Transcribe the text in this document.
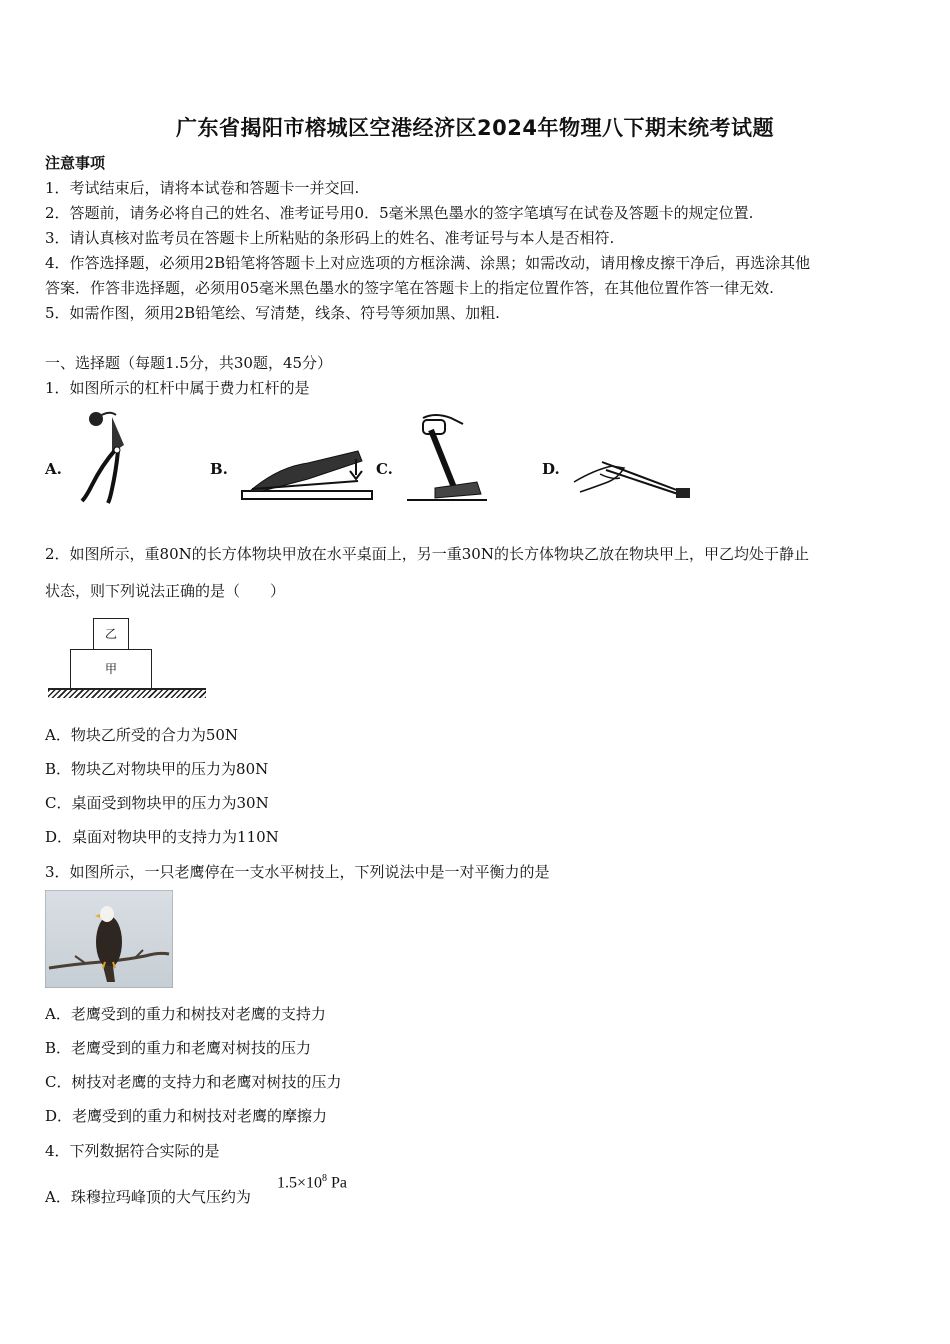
广东省揭阳市榕城区空港经济区2024年物理八下期末统考试题
注意事项
1．考试结束后，请将本试卷和答题卡一并交回.
2．答题前，请务必将自己的姓名、准考证号用0．5毫米黑色墨水的签字笔填写在试卷及答题卡的规定位置.
3．请认真核对监考员在答题卡上所粘贴的条形码上的姓名、准考证号与本人是否相符.
4．作答选择题，必须用2B铅笔将答题卡上对应选项的方框涂满、涂黑；如需改动，请用橡皮擦干净后，再选涂其他
答案．作答非选择题，必须用05毫米黑色墨水的签字笔在答题卡上的指定位置作答，在其他位置作答一律无效.
5．如需作图，须用2B铅笔绘、写清楚，线条、符号等须加黑、加粗.
一、选择题（每题1.5分，共30题，45分）
1．如图所示的杠杆中属于费力杠杆的是
A.	B.	C.	D.
2．如图所示，重80N的长方体物块甲放在水平桌面上，另一重30N的长方体物块乙放在物块甲上，甲乙均处于静止
状态，则下列说法正确的是（　　）
乙
甲
A．物块乙所受的合力为50N
B．物块乙对物块甲的压力为80N
C．桌面受到物块甲的压力为30N
D．桌面对物块甲的支持力为110N
3．如图所示，一只老鹰停在一支水平树技上，下列说法中是一对平衡力的是
A．老鹰受到的重力和树技对老鹰的支持力
B．老鹰受到的重力和老鹰对树技的压力
C．树技对老鹰的支持力和老鹰对树技的压力
D．老鹰受到的重力和树技对老鹰的摩擦力
4．下列数据符合实际的是
A．珠穆拉玛峰顶的大气压约为
$1.5\times 10^8$ Pa
